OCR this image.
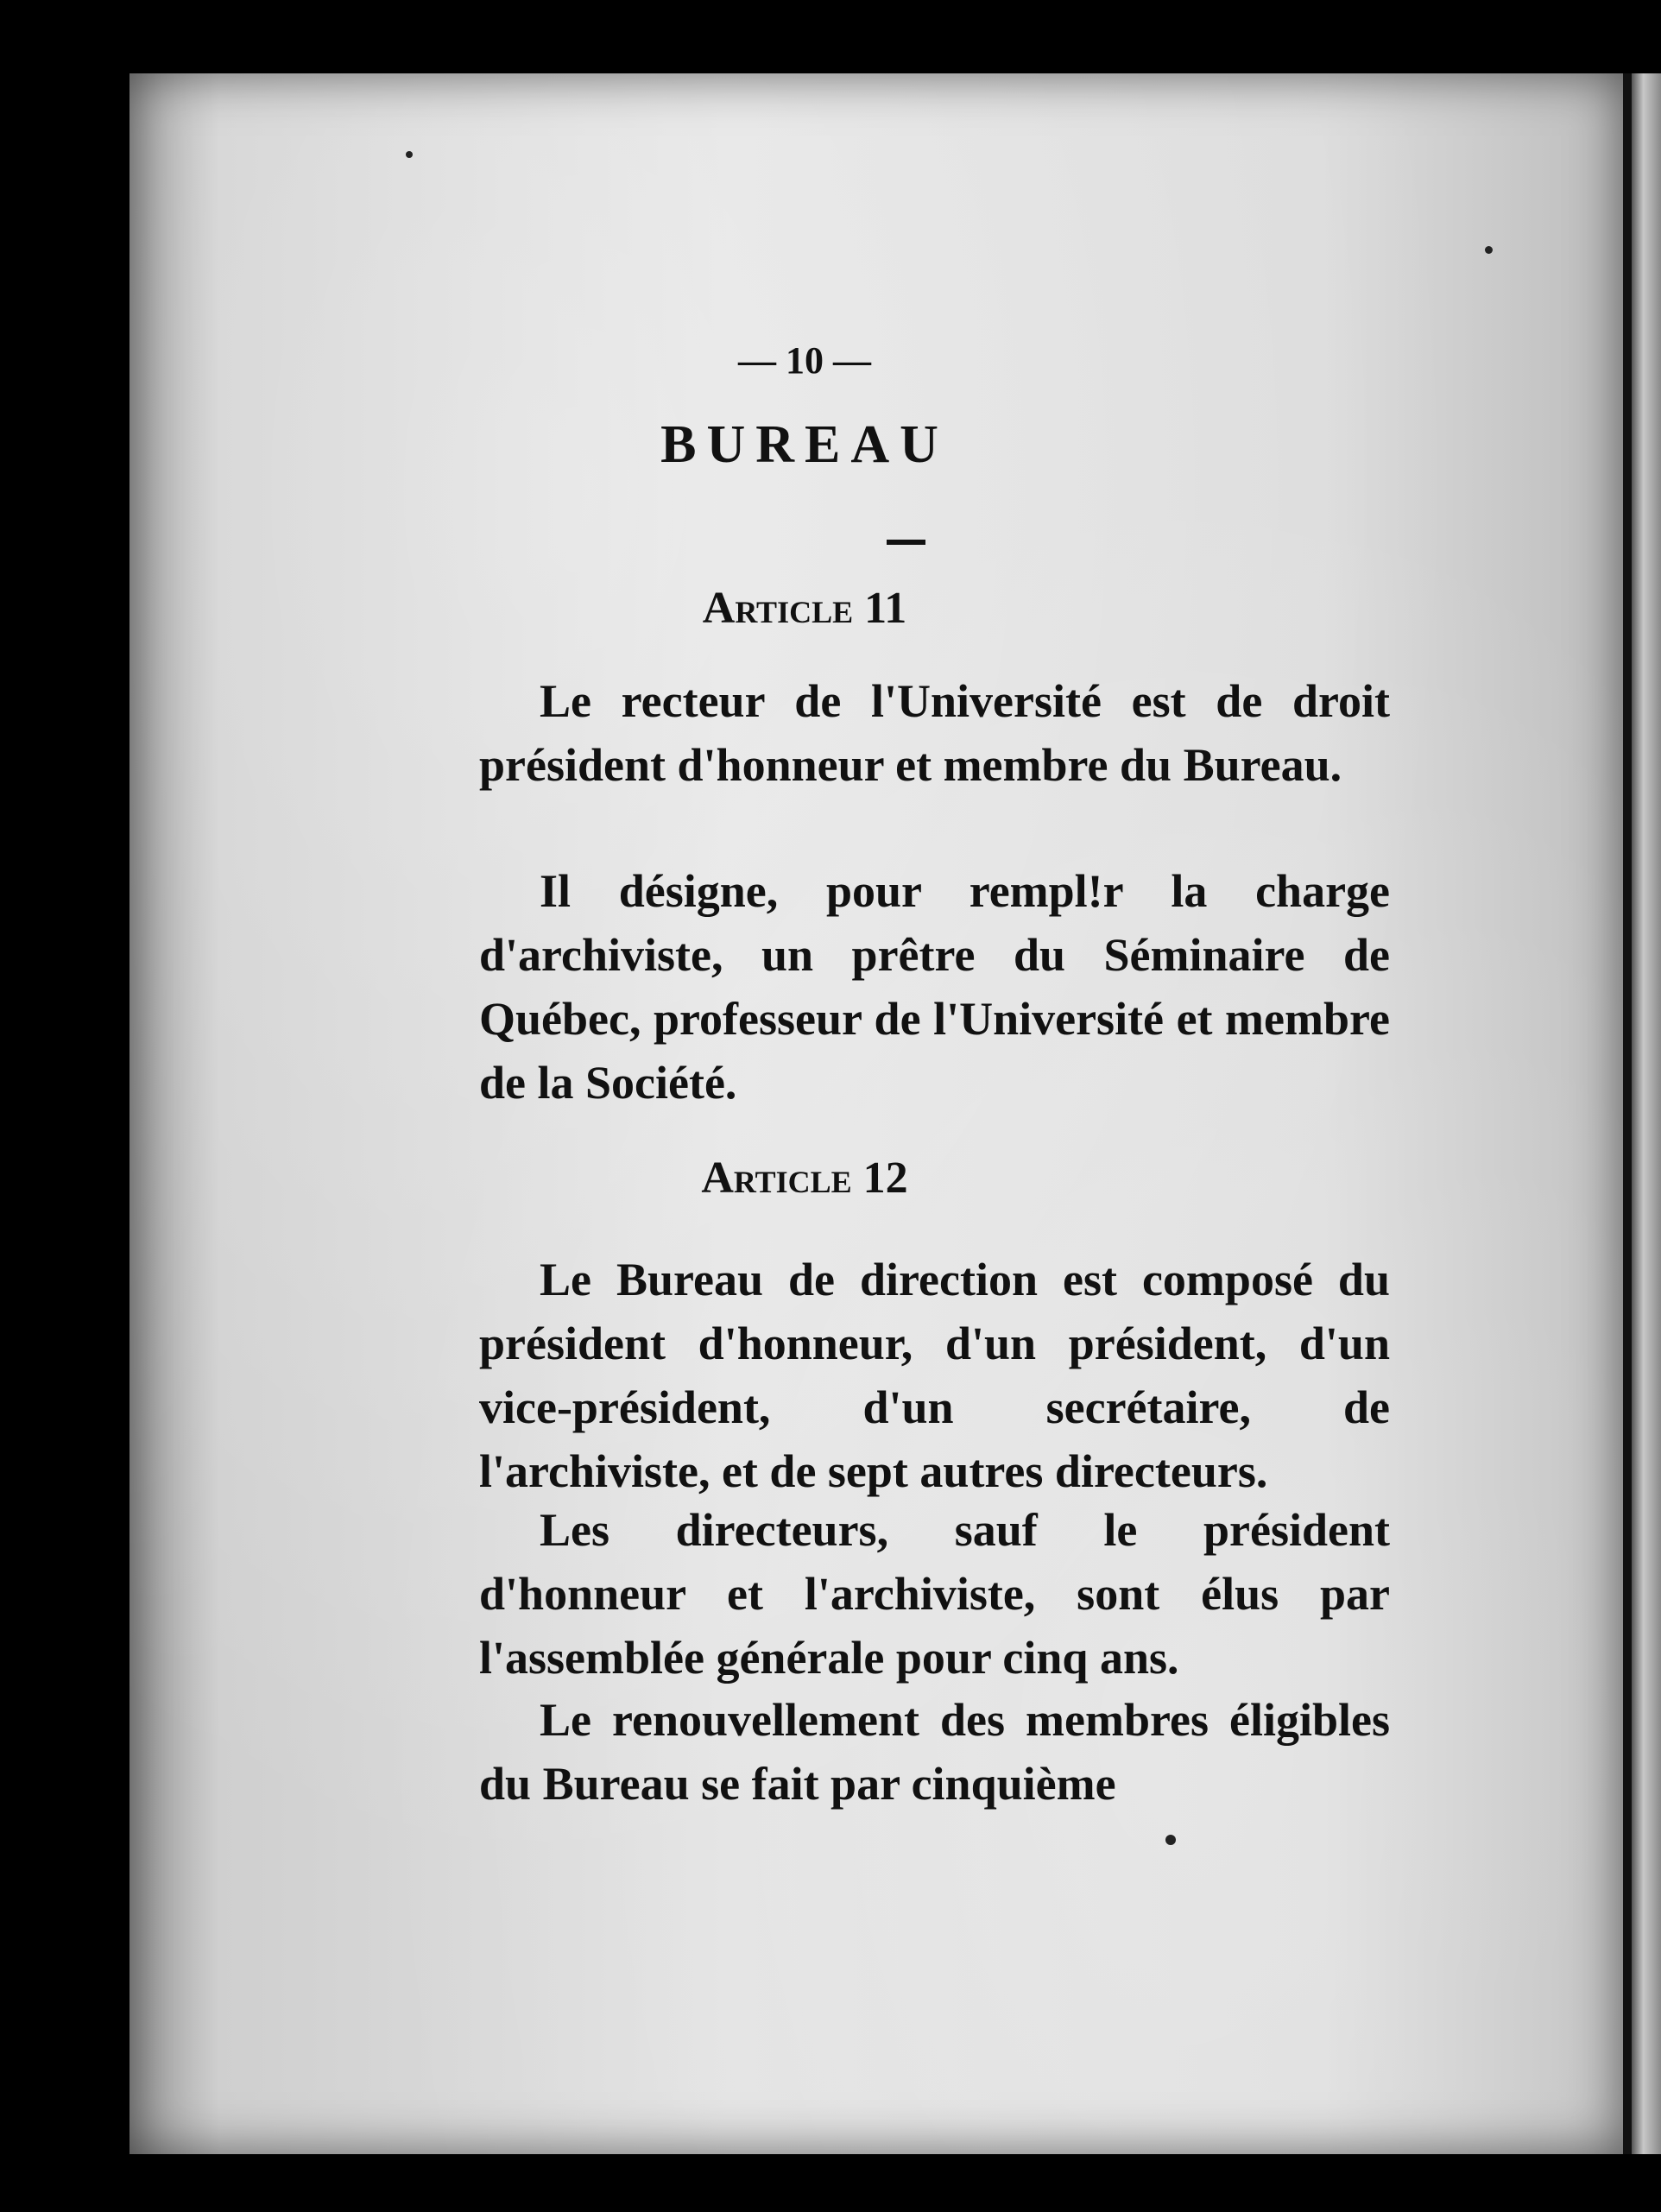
— 10 —
BUREAU
Article 11
Le recteur de l'Université est de droit président d'honneur et membre du Bureau.
Il désigne, pour rempl!r la charge d'archiviste, un prêtre du Séminaire de Québec, professeur de l'Université et membre de la Société.
Article 12
Le Bureau de direction est composé du président d'honneur, d'un président, d'un vice-président, d'un secrétaire, de l'archiviste, et de sept autres directeurs.
Les directeurs, sauf le président d'honneur et l'archiviste, sont élus par l'assemblée générale pour cinq ans.
Le renouvellement des membres éligibles du Bureau se fait par cinquième
